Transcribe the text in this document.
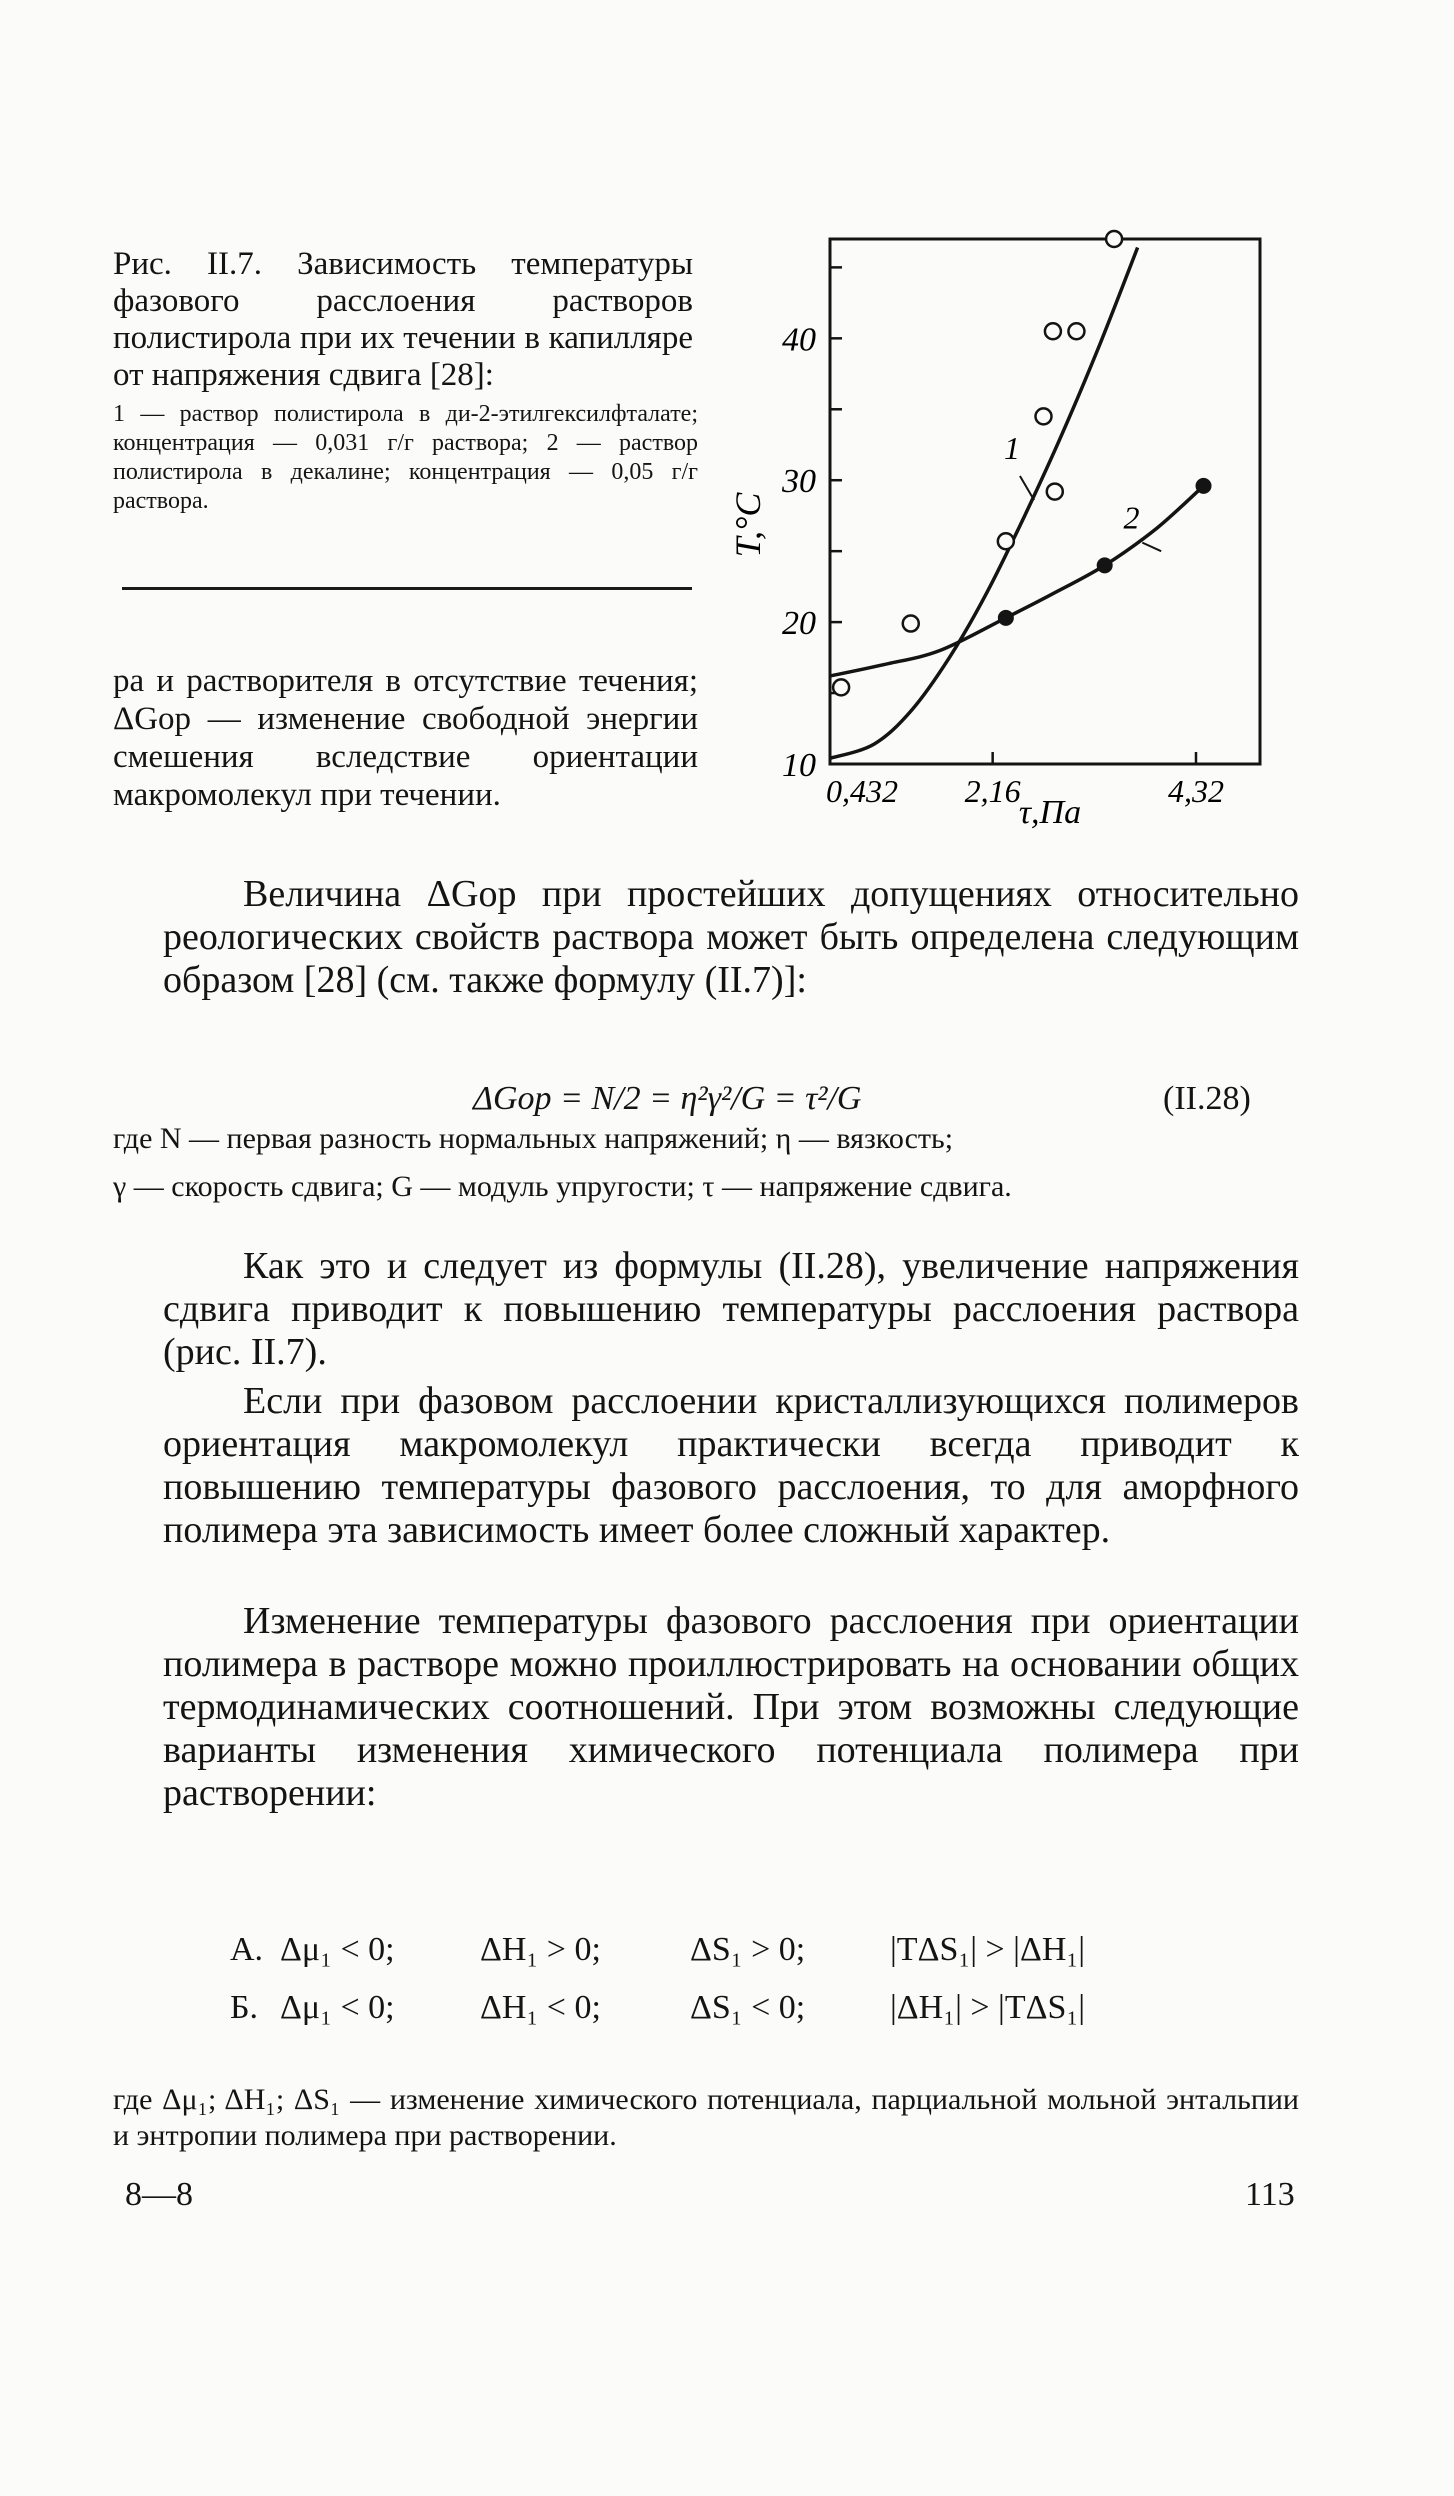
Рис. II.7. Зависимость температуры фазового расслоения растворов полистирола при их течении в капилляре от напряжения сдвига [28]:
1 — раствор полистирола в ди-2-этилгексилфталате; концентрация — 0,031 г/г раствора; 2 — раствор полистирола в декалине; концентрация — 0,05 г/г раствора.
ра и растворителя в отсутствие течения; ΔGор — изменение свободной энергии смешения вследствие ориентации макромолекул при течении.
10
20
30
40
0,432 2,16	4,32
T,°C
τ,Па
1
2
Величина ΔGор при простейших допущениях относительно реологических свойств раствора может быть определена следующим образом [28] (см. также формулу (II.7)]:
ΔGор = N/2 = η²γ²/G = τ²/G	(II.28)
где N — первая разность нормальных напряжений; η — вязкость;
γ — скорость сдвига; G — модуль упругости; τ — напряжение сдвига.
Как это и следует из формулы (II.28), увеличение напряжения сдвига приводит к повышению температуры расслоения раствора (рис. II.7).
Если при фазовом расслоении кристаллизующихся полимеров ориентация макромолекул практически всегда приводит к повышению температуры фазового расслоения, то для аморфного полимера эта зависимость имеет более сложный характер.
Изменение температуры фазового расслоения при ориентации полимера в растворе можно проиллюстрировать на основании общих термодинамических соотношений. При этом возможны следующие варианты изменения химического потенциала полимера при растворении:
А. Δμ₁ < 0;	ΔH₁ > 0;	ΔS₁ > 0; |TΔS₁| > |ΔH₁|
Б. Δμ₁ < 0;	ΔH₁ < 0;	ΔS₁ < 0; |ΔH₁| > |TΔS₁|
где Δμ₁; ΔH₁; ΔS₁ — изменение химического потенциала, парциальной мольной энтальпии и энтропии полимера при растворении.
8—8	113
